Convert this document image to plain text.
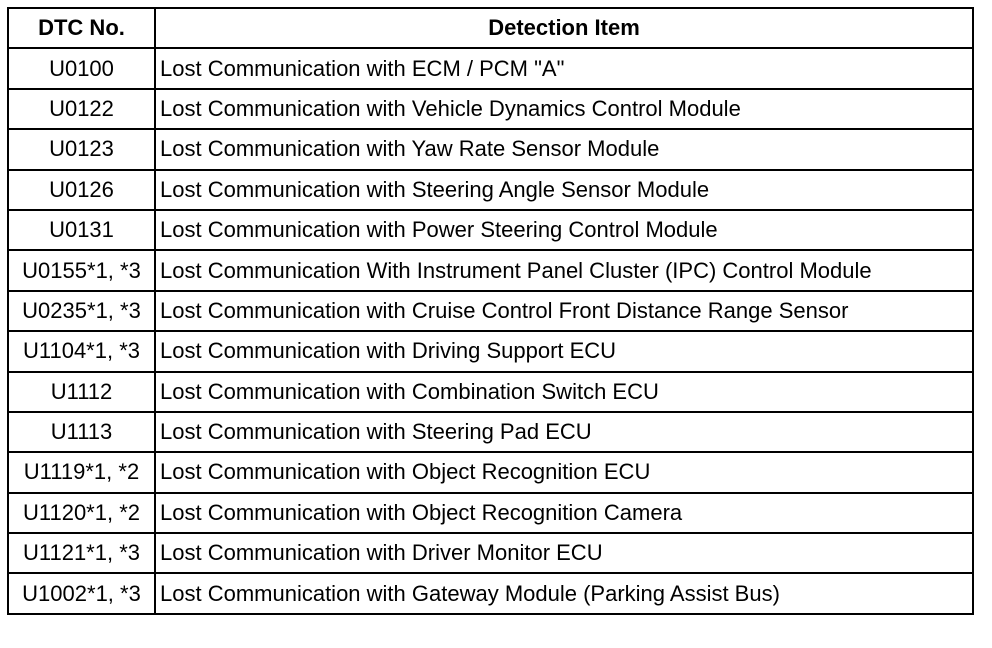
DTC No.	Detection Item
U0100	Lost Communication with ECM / PCM "A"
U0122	Lost Communication with Vehicle Dynamics Control Module
U0123	Lost Communication with Yaw Rate Sensor Module
U0126	Lost Communication with Steering Angle Sensor Module
U0131	Lost Communication with Power Steering Control Module
U0155*1, *3	Lost Communication With Instrument Panel Cluster (IPC) Control Module
U0235*1, *3	Lost Communication with Cruise Control Front Distance Range Sensor
U1104*1, *3	Lost Communication with Driving Support ECU
U1112	Lost Communication with Combination Switch ECU
U1113	Lost Communication with Steering Pad ECU
U1119*1, *2	Lost Communication with Object Recognition ECU
U1120*1, *2	Lost Communication with Object Recognition Camera
U1121*1, *3	Lost Communication with Driver Monitor ECU
U1002*1, *3	Lost Communication with Gateway Module (Parking Assist Bus)
